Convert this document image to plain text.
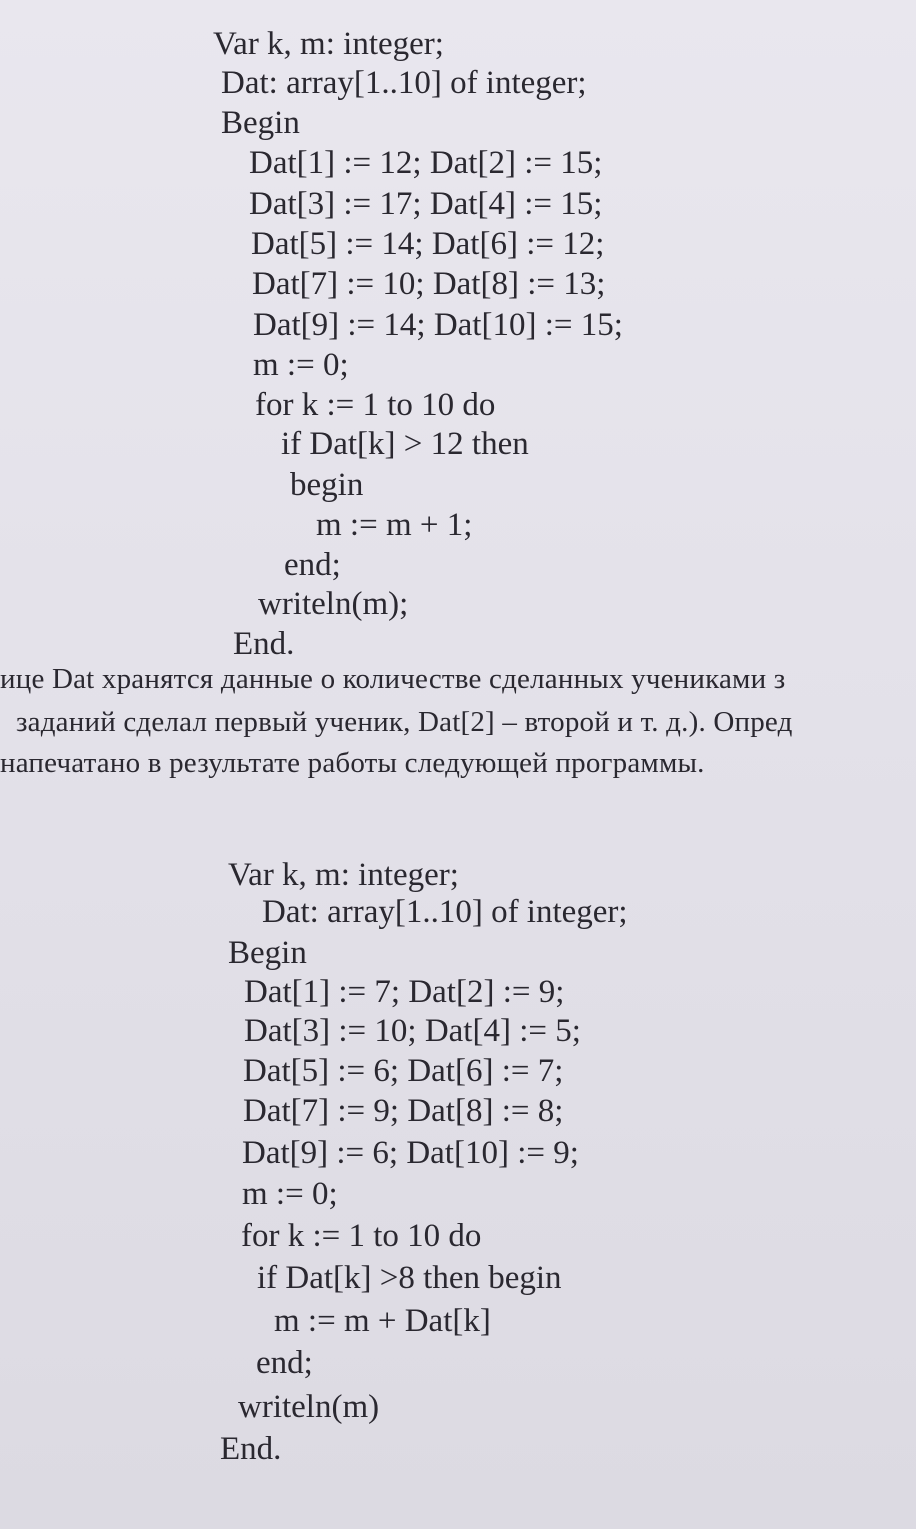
Var k, m: integer;

Dat: array[1..10] of integer;

Begin

Dat[1] := 12; Dat[2] := 15;

Dat[3] := 17; Dat[4] := 15;

Dat[5] := 14; Dat[6] := 12;

Dat[7] := 10; Dat[8] := 13;

Dat[9] := 14; Dat[10] := 15;

m := 0;

for k := 1 to 10 do

if Dat[k] > 12 then

begin

m := m + 1;

end;

writeln(m);

End.

ице Dat хранятся данные о количестве сделанных учениками з

заданий сделал первый ученик, Dat[2] – второй и т. д.). Опред

напечатано в результате работы следующей программы.

Var k, m: integer;

Dat: array[1..10] of integer;

Begin

Dat[1] := 7; Dat[2] := 9;

Dat[3] := 10; Dat[4] := 5;

Dat[5] := 6; Dat[6] := 7;

Dat[7] := 9; Dat[8] := 8;

Dat[9] := 6; Dat[10] := 9;

m := 0;

for k := 1 to 10 do

if Dat[k] >8 then begin

m := m + Dat[k]

end;

writeln(m)

End.
